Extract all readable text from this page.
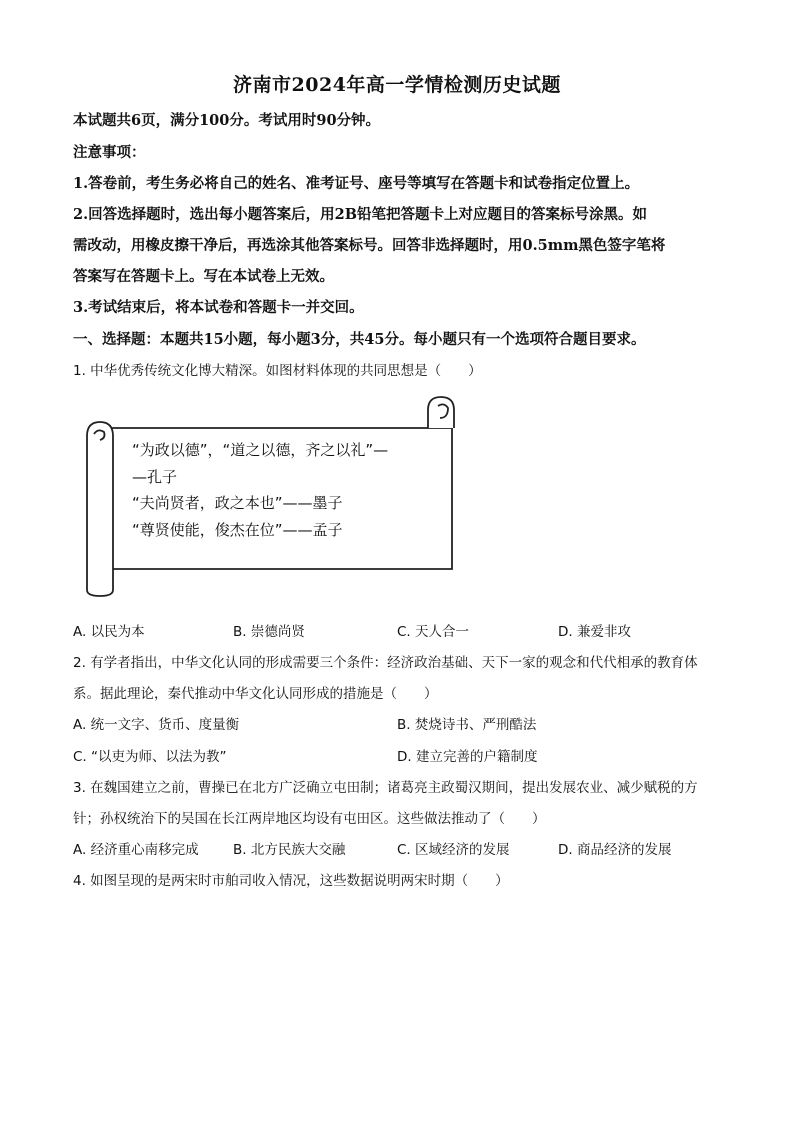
济南市2024年高一学情检测历史试题
本试题共6页，满分100分。考试用时90分钟。
注意事项：
1.答卷前，考生务必将自己的姓名、准考证号、座号等填写在答题卡和试卷指定位置上。
2.回答选择题时，选出每小题答案后，用2B铅笔把答题卡上对应题目的答案标号涂黑。如
需改动，用橡皮擦干净后，再选涂其他答案标号。回答非选择题时，用0.5mm黑色签字笔将
答案写在答题卡上。写在本试卷上无效。
3.考试结束后，将本试卷和答题卡一并交回。
一、选择题：本题共15小题，每小题3分，共45分。每小题只有一个选项符合题目要求。
1. 中华优秀传统文化博大精深。如图材料体现的共同思想是（　　）
“为政以德”，“道之以德，齐之以礼”—
—孔子
“夫尚贤者，政之本也”——墨子
“尊贤使能，俊杰在位”——孟子
A. 以民为本	B. 崇德尚贤	C. 天人合一	D. 兼爱非攻
2. 有学者指出，中华文化认同的形成需要三个条件：经济政治基础、天下一家的观念和代代相承的教育体
系。据此理论，秦代推动中华文化认同形成的措施是（　　）
A. 统一文字、货币、度量衡	B. 焚烧诗书、严刑酷法
C. “以吏为师、以法为教”	D. 建立完善的户籍制度
3. 在魏国建立之前，曹操已在北方广泛确立屯田制；诸葛亮主政蜀汉期间，提出发展农业、减少赋税的方
针；孙权统治下的吴国在长江两岸地区均设有屯田区。这些做法推动了（　　）
A. 经济重心南移完成	B. 北方民族大交融	C. 区域经济的发展	D. 商品经济的发展
4. 如图呈现的是两宋时市舶司收入情况，这些数据说明两宋时期（　　）
